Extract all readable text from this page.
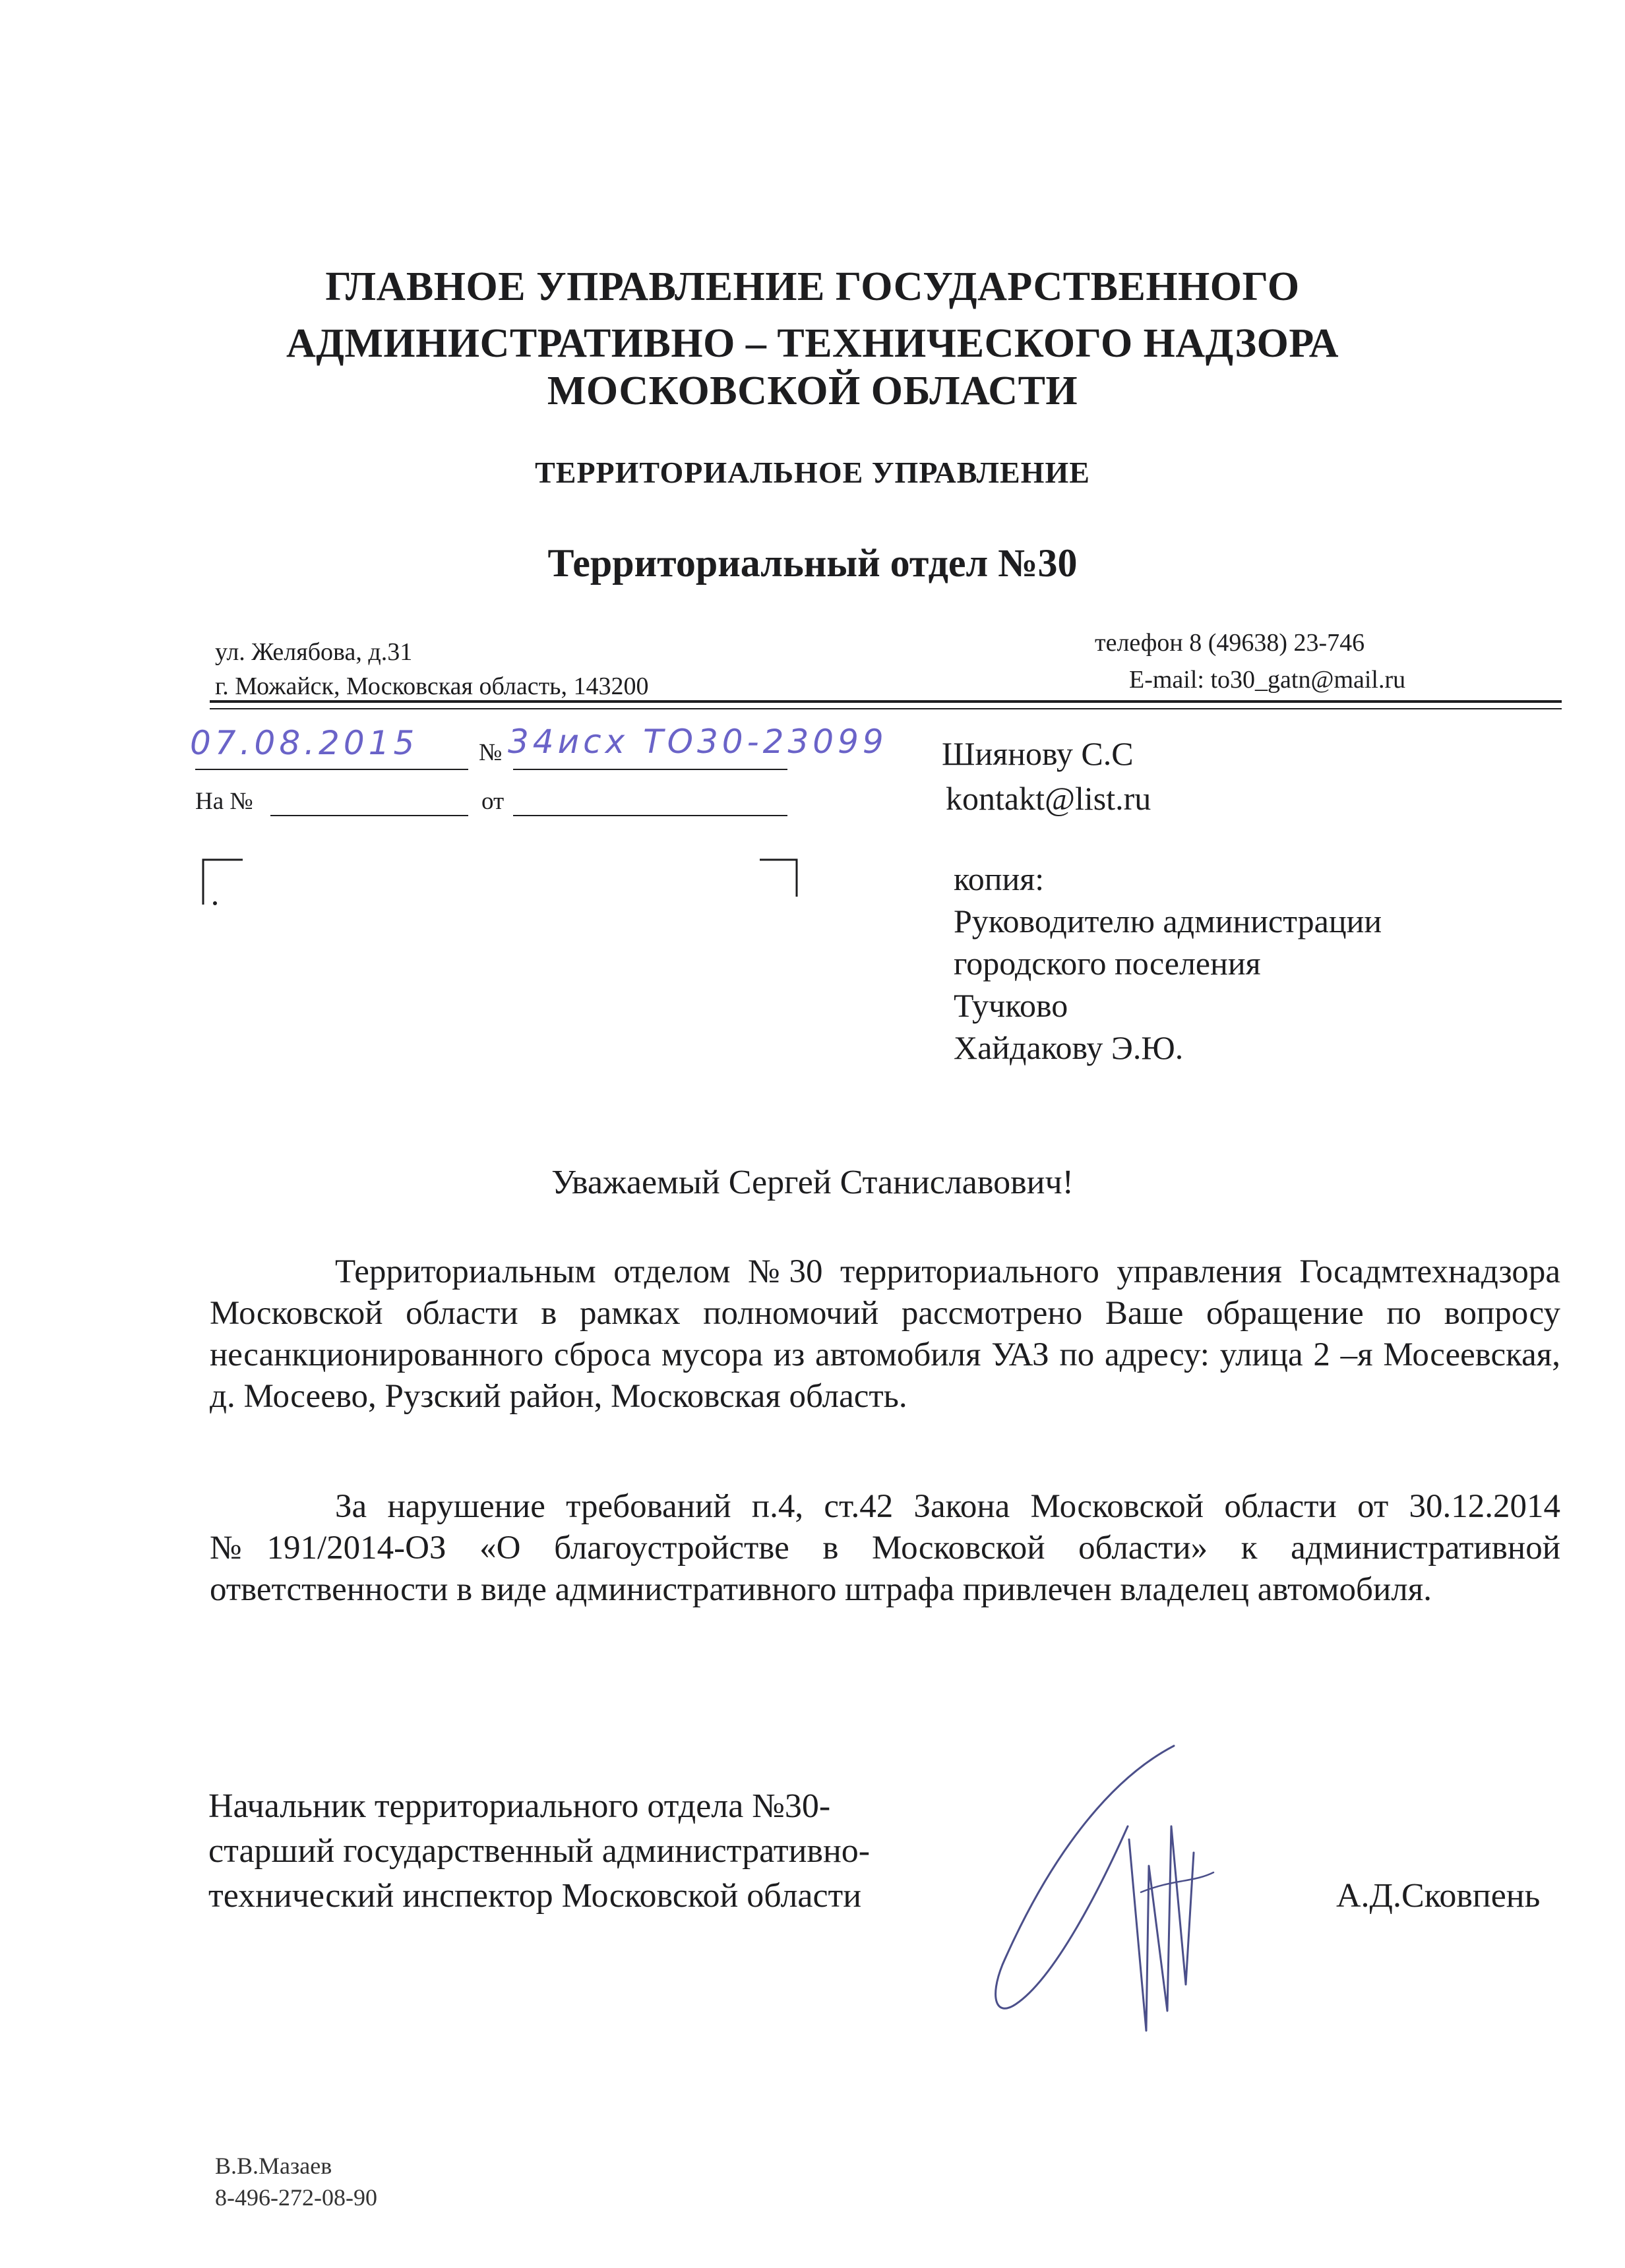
ГЛАВНОЕ УПРАВЛЕНИЕ ГОСУДАРСТВЕННОГО
АДМИНИСТРАТИВНО – ТЕХНИЧЕСКОГО НАДЗОРА
МОСКОВСКОЙ ОБЛАСТИ
ТЕРРИТОРИАЛЬНОЕ УПРАВЛЕНИЕ
Территориальный отдел №30
ул. Желябова, д.31
г. Можайск, Московская область, 143200
телефон 8 (49638) 23-746
E-mail: to30_gatn@mail.ru
07.08.2015 № 34исх ТО30-23099
На №	от
Шиянову С.С
kontakt@list.ru
копия:
Руководителю администрации
городского поселения
Тучково
Хайдакову Э.Ю.
Уважаемый Сергей Станиславович!
Территориальным отделом №30 территориального управления Госадмтехнадзора Московской области в рамках полномочий рассмотрено Ваше обращение по вопросу несанкционированного сброса мусора из автомобиля УАЗ по адресу: улица 2 –я Мосеевская, д. Мосеево, Рузский район, Московская область.
За нарушение требований п.4, ст.42 Закона Московской области от 30.12.2014 №191/2014-ОЗ «О благоустройстве в Московской области» к административной ответственности в виде административного штрафа привлечен владелец автомобиля.
Начальник территориального отдела №30-
старший государственный административно-
технический инспектор Московской области	А.Д.Сковпень
В.В.Мазаев
8-496-272-08-90
